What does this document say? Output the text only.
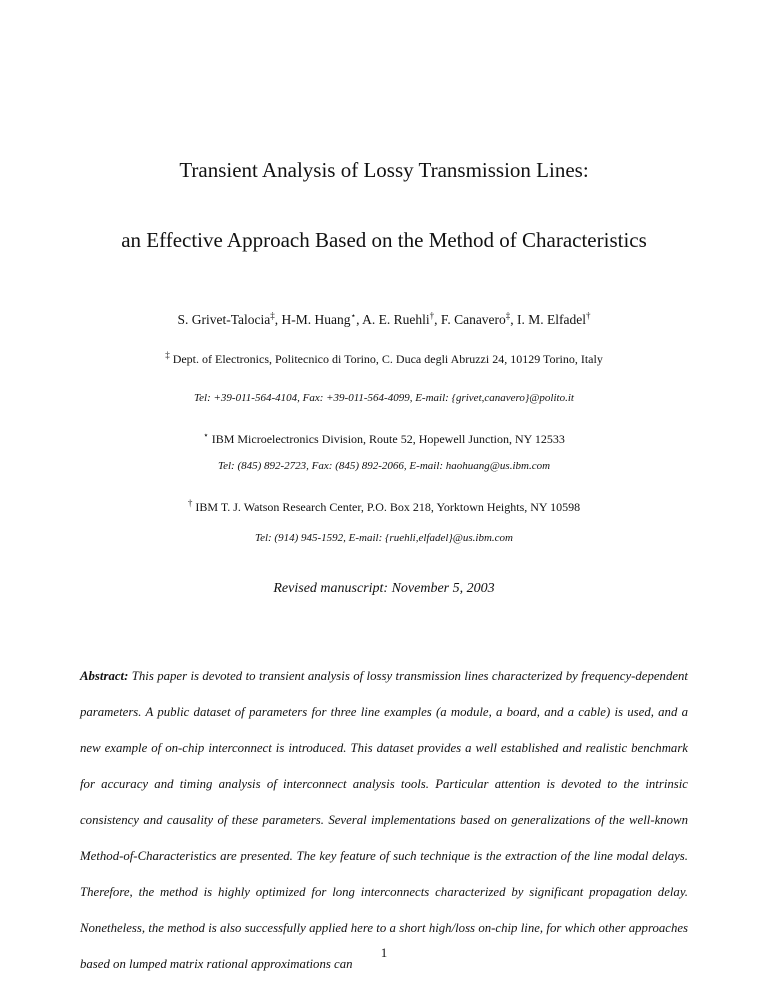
Transient Analysis of Lossy Transmission Lines:
an Effective Approach Based on the Method of Characteristics
S. Grivet-Talocia‡, H-M. Huang⋆, A. E. Ruehli†, F. Canavero‡, I. M. Elfadel†
‡ Dept. of Electronics, Politecnico di Torino, C. Duca degli Abruzzi 24, 10129 Torino, Italy
Tel: +39-011-564-4104, Fax: +39-011-564-4099, E-mail: {grivet,canavero}@polito.it
⋆ IBM Microelectronics Division, Route 52, Hopewell Junction, NY 12533
Tel: (845) 892-2723, Fax: (845) 892-2066, E-mail: haohuang@us.ibm.com
† IBM T. J. Watson Research Center, P.O. Box 218, Yorktown Heights, NY 10598
Tel: (914) 945-1592, E-mail: {ruehli,elfadel}@us.ibm.com
Revised manuscript: November 5, 2003
Abstract: This paper is devoted to transient analysis of lossy transmission lines characterized by frequency-dependent parameters. A public dataset of parameters for three line examples (a module, a board, and a cable) is used, and a new example of on-chip interconnect is introduced. This dataset provides a well established and realistic benchmark for accuracy and timing analysis of interconnect analysis tools. Particular attention is devoted to the intrinsic consistency and causality of these parameters. Several implementations based on generalizations of the well-known Method-of-Characteristics are presented. The key feature of such technique is the extraction of the line modal delays. Therefore, the method is highly optimized for long interconnects characterized by significant propagation delay. Nonetheless, the method is also successfully applied here to a short high/loss on-chip line, for which other approaches based on lumped matrix rational approximations can
1
